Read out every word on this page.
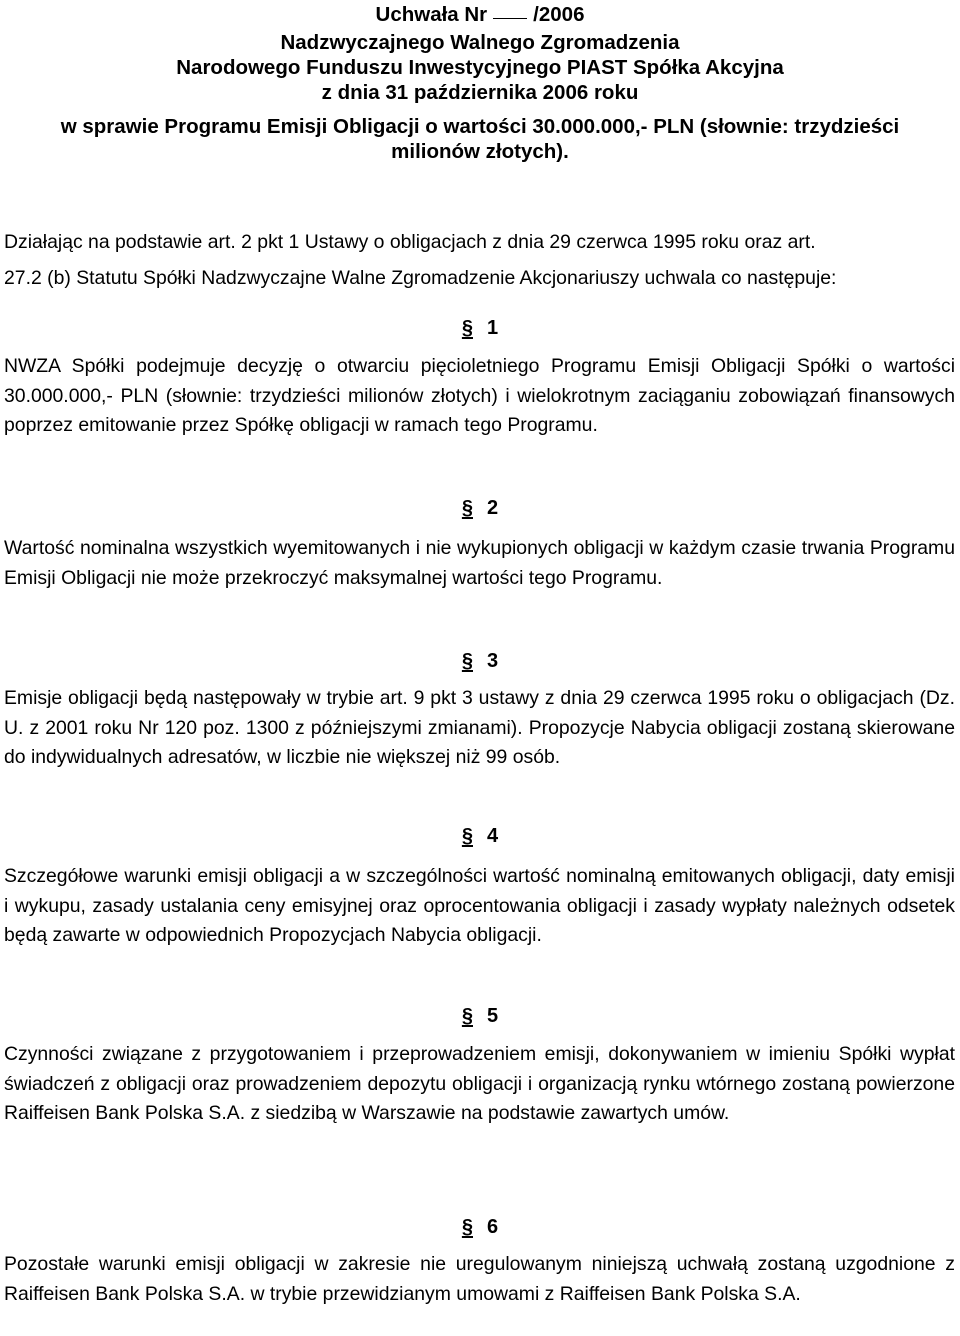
Uchwała Nr /2006
Nadzwyczajnego Walnego Zgromadzenia
Narodowego Funduszu Inwestycyjnego PIAST Spółka Akcyjna
z dnia 31 października 2006 roku
w sprawie Programu Emisji Obligacji o wartości 30.000.000,- PLN (słownie: trzydzieści
milionów złotych).
Działając na podstawie art. 2 pkt 1 Ustawy o obligacjach z dnia 29 czerwca 1995 roku oraz art.
27.2 (b) Statutu Spółki Nadzwyczajne Walne Zgromadzenie Akcjonariuszy uchwala co następuje:
§ 1
NWZA Spółki podejmuje decyzję o otwarciu pięcioletniego Programu Emisji Obligacji Spółki o wartości 30.000.000,- PLN (słownie: trzydzieści milionów złotych) i wielokrotnym zaciąganiu zobowiązań finansowych poprzez emitowanie przez Spółkę obligacji w ramach tego Programu.
§ 2
Wartość nominalna wszystkich wyemitowanych i nie wykupionych obligacji w każdym czasie trwania Programu Emisji Obligacji nie może przekroczyć maksymalnej wartości tego Programu.
§ 3
Emisje obligacji będą następowały w trybie art. 9 pkt 3 ustawy z dnia 29 czerwca 1995 roku o obligacjach (Dz. U. z 2001 roku Nr 120 poz. 1300 z późniejszymi zmianami). Propozycje Nabycia obligacji zostaną skierowane do indywidualnych adresatów, w liczbie nie większej niż 99 osób.
§ 4
Szczegółowe warunki emisji obligacji a w szczególności wartość nominalną emitowanych obligacji, daty emisji i wykupu, zasady ustalania ceny emisyjnej oraz oprocentowania obligacji i zasady wypłaty należnych odsetek będą zawarte w odpowiednich Propozycjach Nabycia obligacji.
§ 5
Czynności związane z przygotowaniem i przeprowadzeniem emisji, dokonywaniem w imieniu Spółki wypłat świadczeń z obligacji oraz prowadzeniem depozytu obligacji i organizacją rynku wtórnego zostaną powierzone Raiffeisen Bank Polska S.A. z siedzibą w Warszawie na podstawie zawartych umów.
§ 6
Pozostałe warunki emisji obligacji w zakresie nie uregulowanym niniejszą uchwałą zostaną uzgodnione z Raiffeisen Bank Polska S.A. w trybie przewidzianym umowami z Raiffeisen Bank Polska S.A.
